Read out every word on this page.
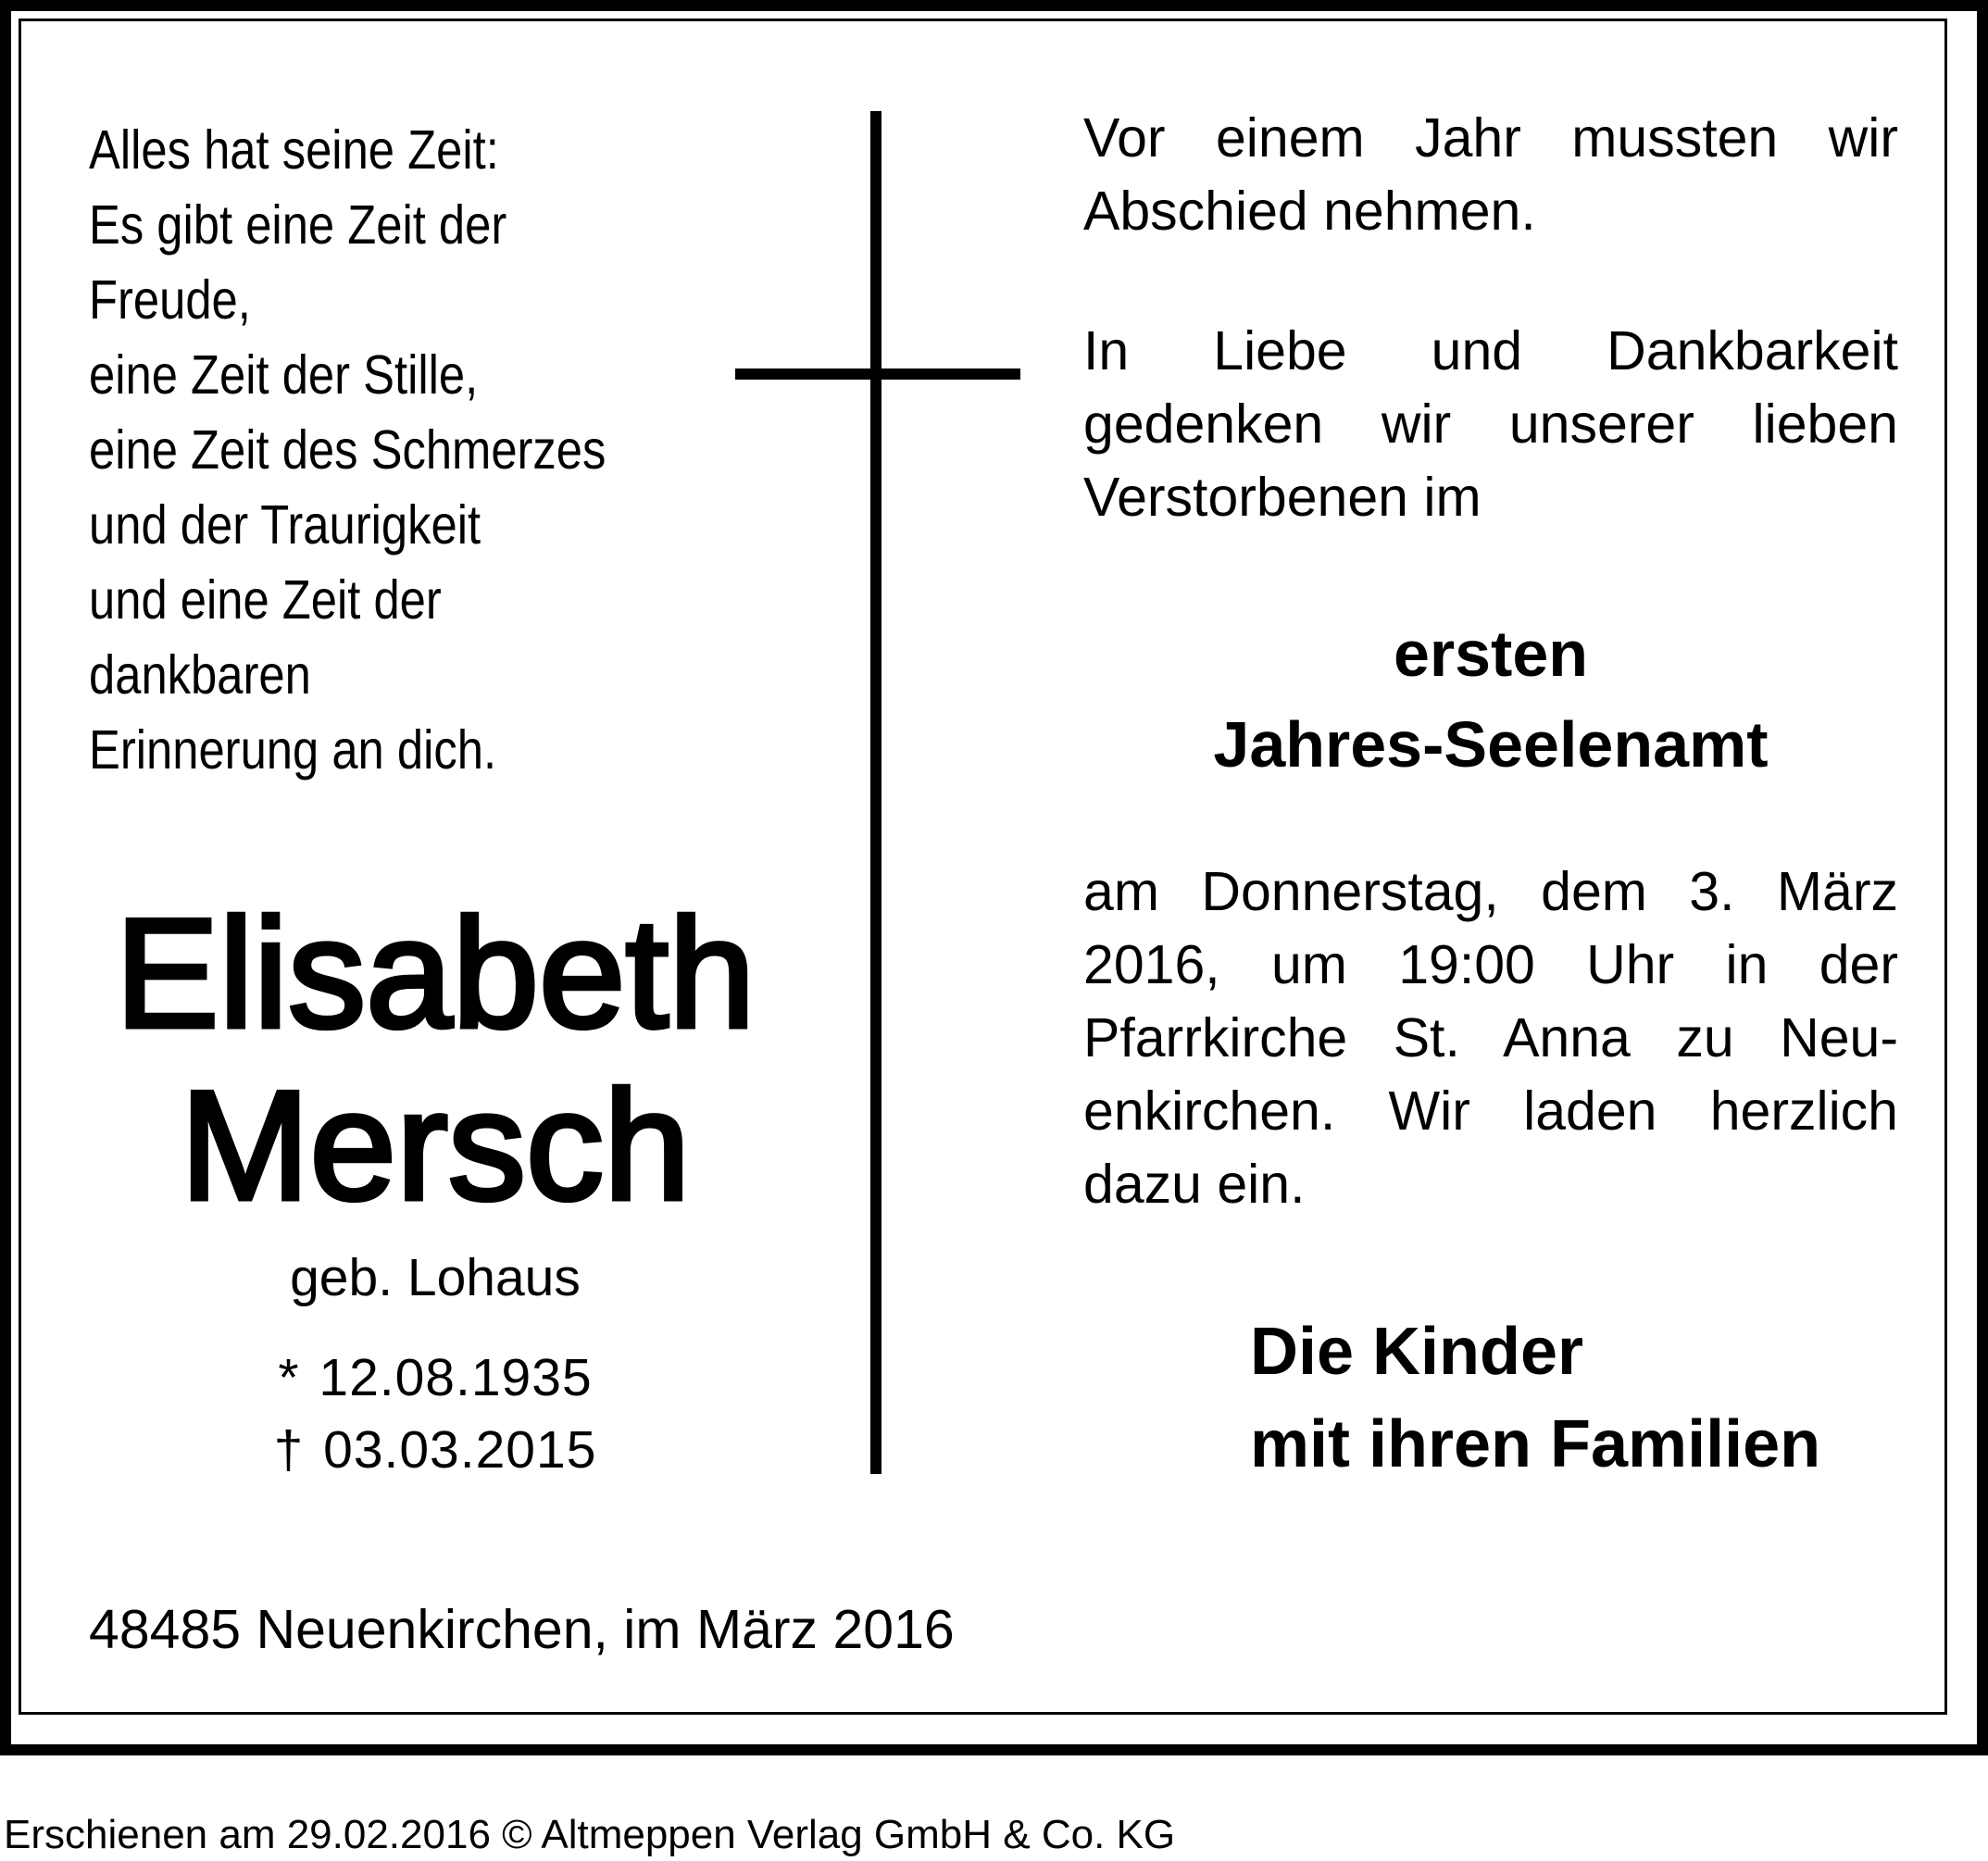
Alles hat seine Zeit:
Es gibt eine Zeit der Freude,
eine Zeit der Stille,
eine Zeit des Schmerzes
und der Traurigkeit
und eine Zeit der dankbaren
Erinnerung an dich.
Elisabeth
Mersch
geb. Lohaus
* 12.08.1935
† 03.03.2015
Vor einem Jahr mussten wir Abschied nehmen.
In Liebe und Dankbarkeit gedenken wir unserer lieben Verstorbenen im
ersten
Jahres-Seelenamt
am Donnerstag, dem 3. März 2016, um 19:00 Uhr in der Pfarrkirche St. Anna zu Neu-enkirchen. Wir laden herzlich dazu ein.
Die Kinder
mit ihren Familien
48485 Neuenkirchen, im März 2016
Erschienen am 29.02.2016 © Altmeppen Verlag GmbH & Co. KG
